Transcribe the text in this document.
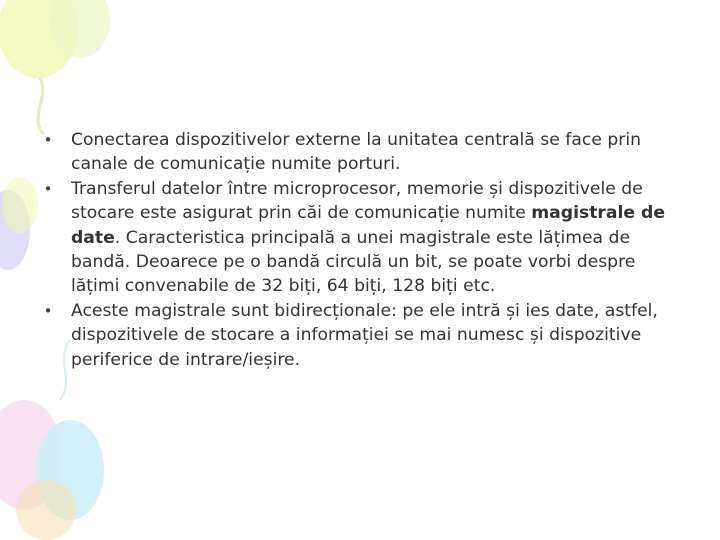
• Conectarea dispozitivelor externe la unitatea centrală se face prin canale de comunicație numite porturi.
• Transferul datelor între microprocesor, memorie și dispozitivele de stocare este asigurat prin căi de comunicație numite magistrale de date. Caracteristica principală a unei magistrale este lățimea de bandă. Deoarece pe o bandă circulă un bit, se poate vorbi despre lățimi convenabile de 32 biți, 64 biți, 128 biți etc.
• Aceste magistrale sunt bidirecționale: pe ele intră și ies date, astfel, dispozitivele de stocare a informației se mai numesc și dispozitive periferice de intrare/ieșire.
